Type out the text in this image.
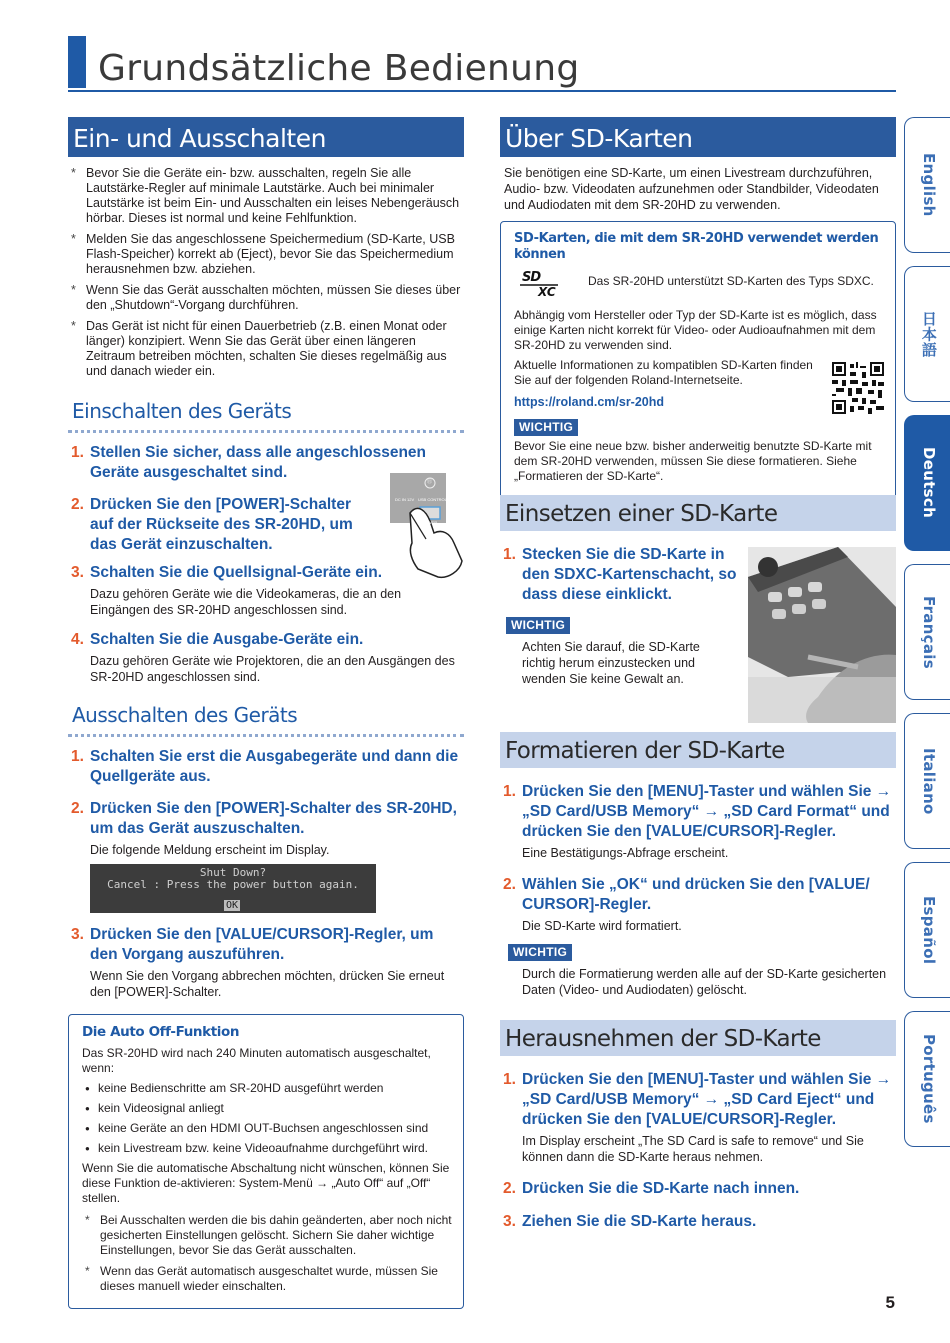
Grundsätzliche Bedienung
Ein- und Ausschalten
* Bevor Sie die Geräte ein- bzw. ausschalten, regeln Sie alle Lautstärke-Regler auf minimale Lautstärke. Auch bei minimaler Lautstärke ist beim Ein- und Ausschalten ein leises Nebengeräusch hörbar. Dieses ist normal und keine Fehlfunktion.
* Melden Sie das angeschlossene Speichermedium (SD-Karte, USB Flash-Speicher) korrekt ab (Eject), bevor Sie das Speichermedium herausnehmen bzw. abziehen.
* Wenn Sie das Gerät ausschalten möchten, müssen Sie dieses über den „Shutdown“-Vorgang durchführen.
* Das Gerät ist nicht für einen Dauerbetrieb (z.B. einen Monat oder länger) konzipiert. Wenn Sie das Gerät über einen längeren Zeitraum betreiben möchten, schalten Sie dieses regelmäßig aus und danach wieder ein.
Einschalten des Geräts
1. Stellen Sie sicher, dass alle angeschlossenen Geräte ausgeschaltet sind.
2. Drücken Sie den [POWER]-Schalter auf der Rückseite des SR-20HD, um das Gerät einzuschalten.
DC IN 12V USB CONTROL
Ⓡ
POWER
3. Schalten Sie die Quellsignal-Geräte ein.
Dazu gehören Geräte wie die Videokameras, die an den Eingängen des SR-20HD angeschlossen sind.
4. Schalten Sie die Ausgabe-Geräte ein.
Dazu gehören Geräte wie Projektoren, die an den Ausgängen des SR-20HD angeschlossen sind.
Ausschalten des Geräts
1. Schalten Sie erst die Ausgabegeräte und dann die Quellgeräte aus.
2. Drücken Sie den [POWER]-Schalter des SR-20HD, um das Gerät auszuschalten.
Die folgende Meldung erscheint im Display.
Shut Down?
Cancel : Press the power button again.
OK
3. Drücken Sie den [VALUE/CURSOR]-Regler, um den Vorgang auszuführen.
Wenn Sie den Vorgang abbrechen möchten, drücken Sie erneut den [POWER]-Schalter.
Die Auto Off-Funktion

Das SR-20HD wird nach 240 Minuten automatisch ausgeschaltet, wenn:

● keine Bedienschritte am SR-20HD ausgeführt werden
● kein Videosignal anliegt
● keine Geräte an den HDMI OUT-Buchsen angeschlossen sind
● kein Livestream bzw. keine Videoaufnahme durchgeführt wird.

Wenn Sie die automatische Abschaltung nicht wünschen, können Sie diese Funktion de-aktivieren: System-Menü → „Auto Off“ auf „Off“ stellen.

* Bei Ausschalten werden die bis dahin geänderten, aber noch nicht gesicherten Einstellungen gelöscht. Sichern Sie daher wichtige Einstellungen, bevor Sie das Gerät ausschalten.
* Wenn das Gerät automatisch ausgeschaltet wurde, müssen Sie dieses manuell wieder einschalten.
Über SD-Karten

Sie benötigen eine SD-Karte, um einen Livestream durchzuführen, Audio- bzw. Videodaten aufzunehmen oder Standbilder, Videodaten und Audiodaten mit dem SR-20HD zu verwenden.

SD-Karten, die mit dem SR-20HD verwendet werden können
SD
XC

Das SR-20HD unterstützt SD-Karten des Typs SDXC.

Abhängig vom Hersteller oder Typ der SD-Karte ist es möglich, dass einige Karten nicht korrekt für Video- oder Audioaufnahmen mit dem SR-20HD zu verwenden sind.

Aktuelle Informationen zu kompatiblen SD-Karten finden Sie auf der folgenden Roland-Internetseite.

https://roland.cm/sr-20hd
WICHTIG

Bevor Sie eine neue bzw. bisher anderweitig benutzte SD-Karte mit dem SR-20HD verwenden, müssen Sie diese formatieren. Siehe „Formatieren der SD-Karte“.

Einsetzen einer SD-Karte
1. Stecken Sie die SD-Karte in den SDXC-Kartenschacht, so dass diese einklickt.
WICHTIG

Achten Sie darauf, die SD-Karte richtig herum einzustecken und wenden Sie keine Gewalt an.

Formatieren der SD-Karte
1. Drücken Sie den [MENU]-Taster und wählen Sie → „SD Card/USB Memory“ → „SD Card Format“ und drücken Sie den [VALUE/CURSOR]-Regler.
Eine Bestätigungs-Abfrage erscheint.
2. Wählen Sie „OK“ und drücken Sie den [VALUE/ CURSOR]-Regler.
Die SD-Karte wird formatiert.
WICHTIG

Durch die Formatierung werden alle auf der SD-Karte gesicherten Daten (Video- und Audiodaten) gelöscht.

Herausnehmen der SD-Karte
1. Drücken Sie den [MENU]-Taster und wählen Sie → „SD Card/USB Memory“ → „SD Card Eject“ und drücken Sie den [VALUE/CURSOR]-Regler.
Im Display erscheint „The SD Card is safe to remove“ und Sie können dann die SD-Karte heraus nehmen.
2. Drücken Sie die SD-Karte nach innen.
3. Ziehen Sie die SD-Karte heraus.
English
日本語
Deutsch
Français
Italiano
Español
Português
5
